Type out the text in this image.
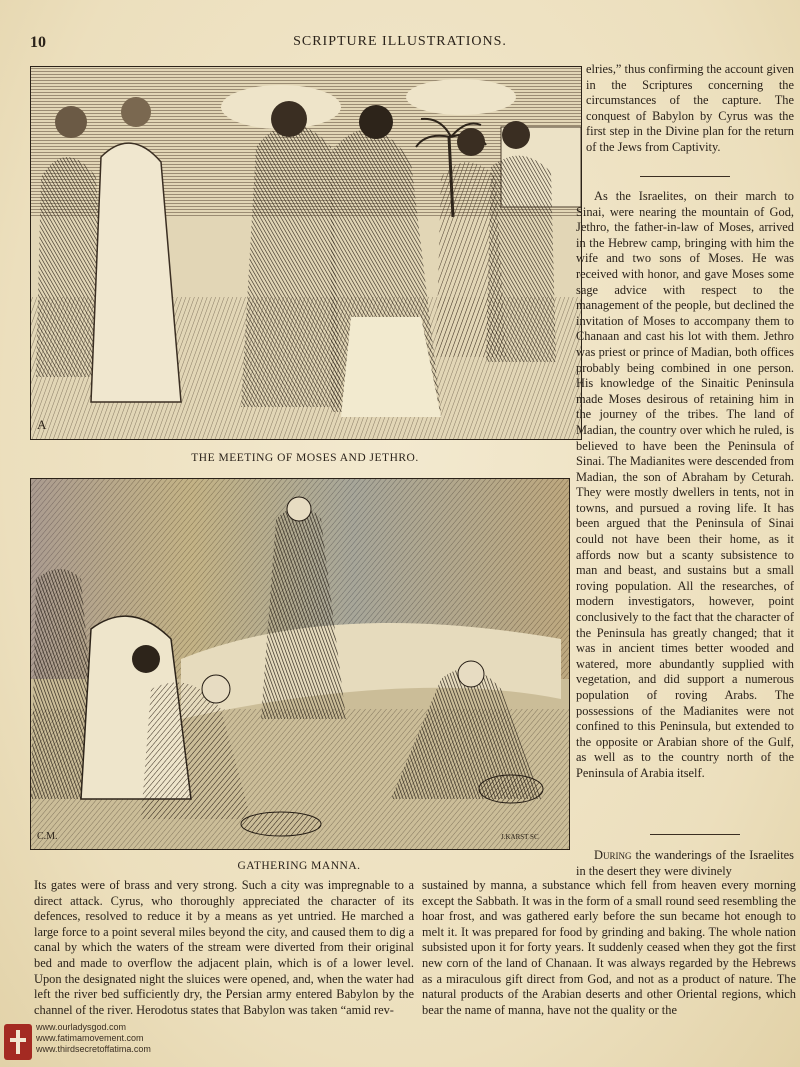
10	SCRIPTURE ILLUSTRATIONS.
A
THE MEETING OF MOSES AND JETHRO.
C.M.	J.KARST SC
GATHERING MANNA.

elries,” thus confirming the account given in the Scriptures concerning the circumstances of the capture. The conquest of Babylon by Cyrus was the first step in the Divine plan for the return of the Jews from Captivity.

As the Israelites, on their march to Sinai, were nearing the mountain of God, Jethro, the father-in-law of Moses, arrived in the Hebrew camp, bringing with him the wife and two sons of Moses. He was received with honor, and gave Moses some sage advice with respect to the management of the people, but declined the invitation of Moses to accompany them to Chanaan and cast his lot with them. Jethro was priest or prince of Madian, both offices probably being combined in one person. His knowledge of the Sinaitic Peninsula made Moses desirous of retaining him in the journey of the tribes. The land of Madian, the country over which he ruled, is believed to have been the Peninsula of Sinai. The Madianites were descended from Madian, the son of Abraham by Ceturah. They were mostly dwellers in tents, not in towns, and pursued a roving life. It has been argued that the Peninsula of Sinai could not have been their home, as it affords now but a scanty subsistence to man and beast, and sustains but a small roving population. All the researches, of modern investigators, however, point conclusively to the fact that the character of the Peninsula has greatly changed; that it was in ancient times better wooded and watered, more abundantly supplied with vegetation, and did support a numerous population of roving Arabs. The possessions of the Madianites were not confined to this Peninsula, but extended to the opposite or Arabian shore of the Gulf, as well as to the country north of the Peninsula of Arabia itself.

During the wanderings of the Israelites in the desert they were divinely

Its gates were of brass and very strong. Such a city was impregnable to a direct attack. Cyrus, who thoroughly appreciated the character of its defences, resolved to reduce it by a means as yet untried. He marched a large force to a point several miles beyond the city, and caused them to dig a canal by which the waters of the stream were diverted from their original bed and made to overflow the adjacent plain, which is of a lower level. Upon the designated night the sluices were opened, and, when the water had left the river bed sufficiently dry, the Persian army entered Babylon by the channel of the river. Herodotus states that Babylon was taken “amid rev-

sustained by manna, a substance which fell from heaven every morning except the Sabbath. It was in the form of a small round seed resembling the hoar frost, and was gathered early before the sun became hot enough to melt it. It was prepared for food by grinding and baking. The whole nation subsisted upon it for forty years. It suddenly ceased when they got the first new corn of the land of Chanaan. It was always regarded by the Hebrews as a miraculous gift direct from God, and not as a product of nature. The natural products of the Arabian deserts and other Oriental regions, which bear the name of manna, have not the quality or the

www.ourladysgod.com
www.fatimamovement.com
www.thirdsecretoffatima.com
